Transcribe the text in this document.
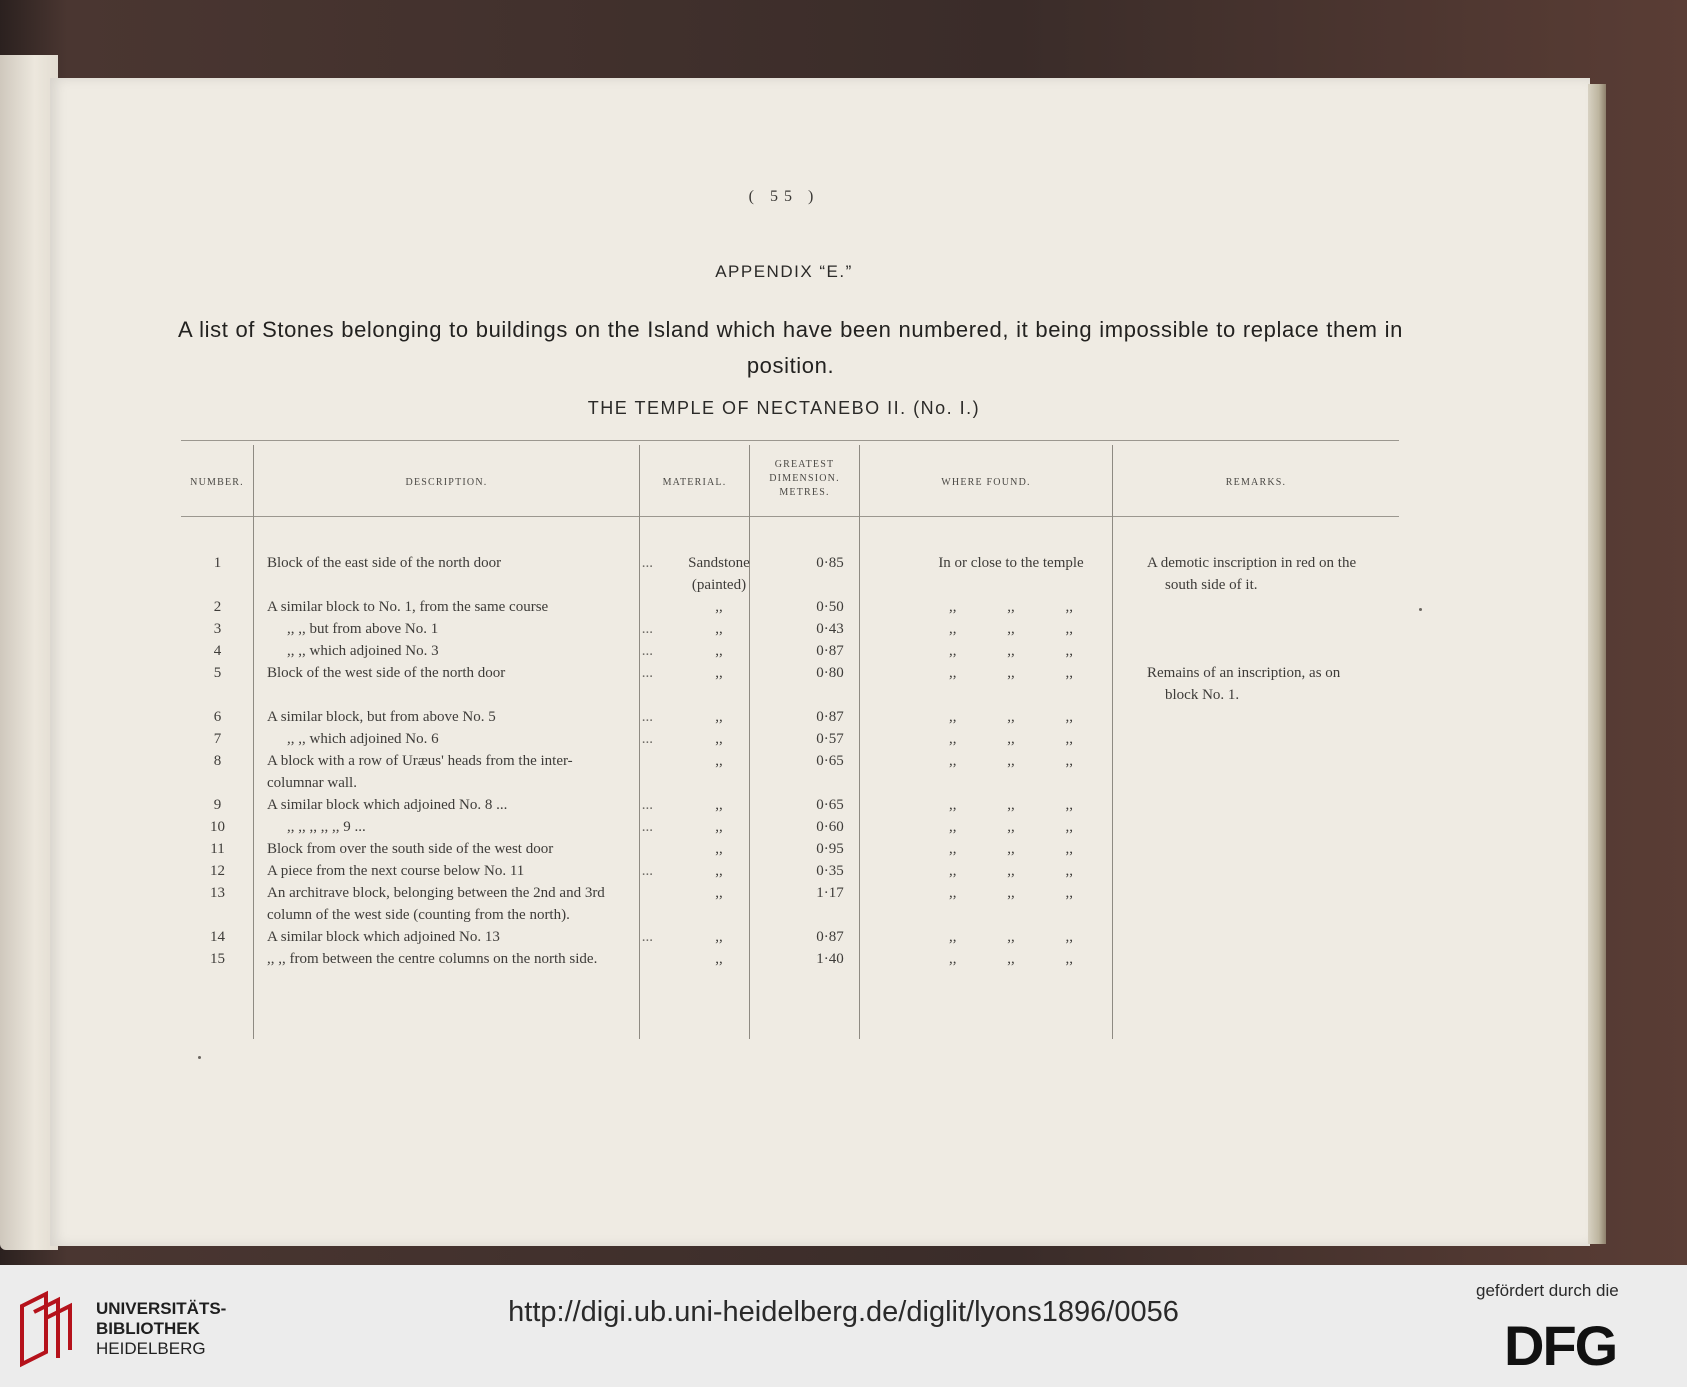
( 55 )
APPENDIX “E.”
A list of Stones belonging to buildings on the Island which have been numbered, it being impossible to replace them in position.
THE TEMPLE OF NECTANEBO II. (No. I.)
NUMBER.	DESCRIPTION.	MATERIAL.
GREATEST
DIMENSION.
METRES.
WHERE FOUND.	REMARKS.
1	Block of the east side of the north door ...	Sandstone (painted)	0·85	In or close to the temple	A demotic inscription in red on the
south side of it.

2	A similar block to No. 1, from the same course	,,	0·50	,, ,, ,,	

3	,, ,, but from above No. 1 ...	,,	0·43	,, ,, ,,	

4	,, ,, which adjoined No. 3 ...	,,	0·87	,, ,, ,,	

5	Block of the west side of the north door ...	,,	0·80	,, ,, ,,	Remains of an inscription, as on
block No. 1.

6	A similar block, but from above No. 5 ...	,,	0·87	,, ,, ,,	

7	,, ,, which adjoined No. 6 ...	,,	0·57	,, ,, ,,	

8	A block with a row of Uræus' heads from the inter-columnar wall.	,,	0·65	,, ,, ,,	

9	A similar block which adjoined No. 8 ... ...	,,	0·65	,, ,, ,,	

10	,, ,, ,, ,, ,, 9 ... ...	,,	0·60	,, ,, ,,	

11	Block from over the south side of the west door	,,	0·95	,, ,, ,,	

12	A piece from the next course below No. 11 ...	,,	0·35	,, ,, ,,	

13	An architrave block, belonging between the 2nd and 3rd column of the west side (counting from the north).	,,	1·17	,, ,, ,,	

14	A similar block which adjoined No. 13 ...	,,	0·87	,, ,, ,,	

15	,, ,, from between the centre columns on the north side.	,,	1·40	,, ,, ,,	
UNIVERSITÄTS-
BIBLIOTHEK
HEIDELBERG
http://digi.ub.uni-heidelberg.de/diglit/lyons1896/0056
gefördert durch die
DFG
